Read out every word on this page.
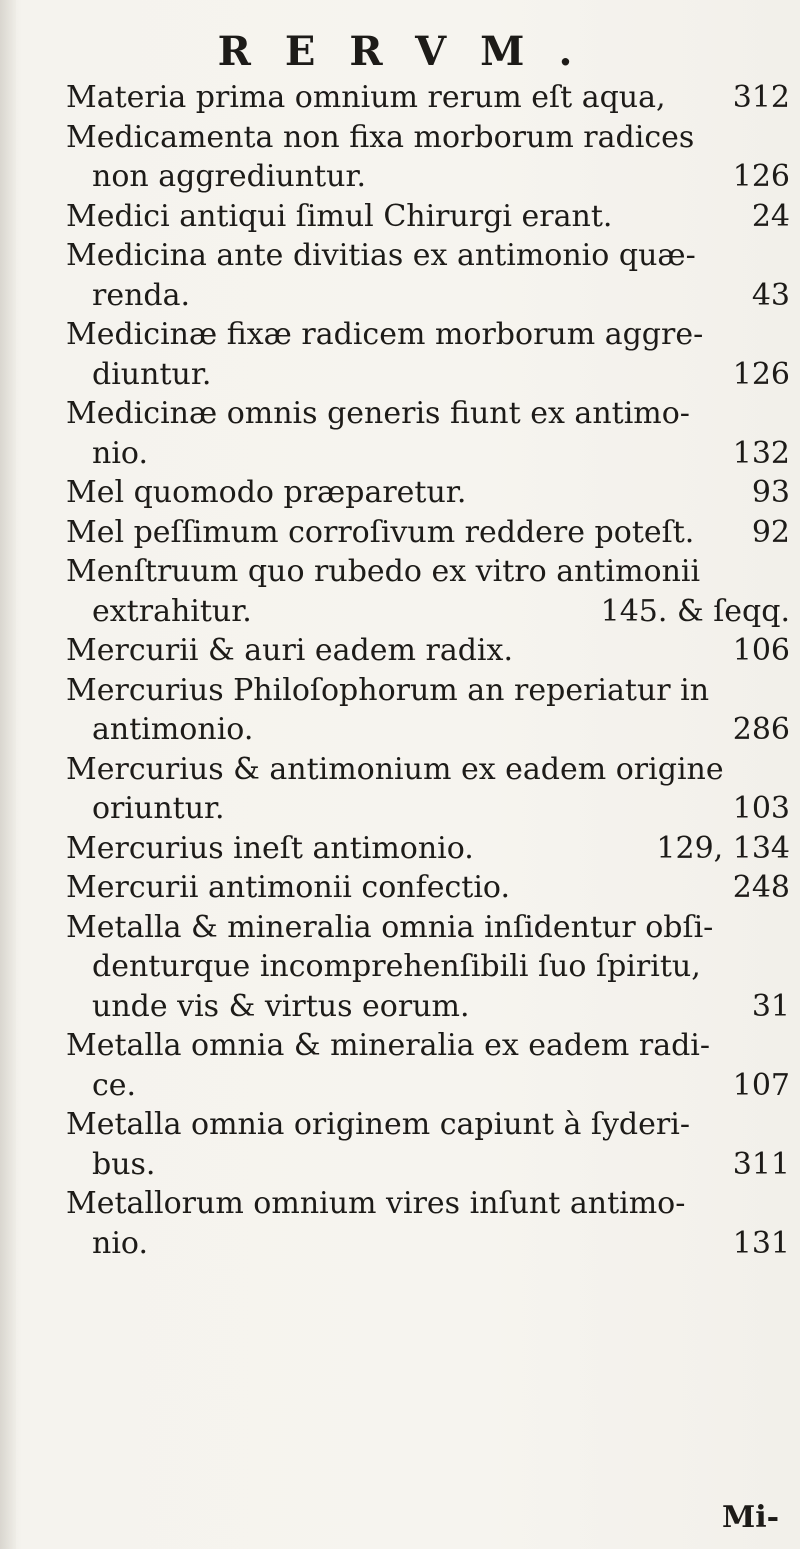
RERVM.
Materia prima omnium rerum eſt aqua, 312
Medicamenta non fixa morborum radices
non aggrediuntur.	126
Medici antiqui ſimul Chirurgi erant.	24
Medicina ante divitias ex antimonio quæ-
renda.	43
Medicinæ fixæ radicem morborum aggre-
diuntur.	126
Medicinæ omnis generis fiunt ex antimo-
nio.	132
Mel quomodo præparetur.	93
Mel peſſimum corroſivum reddere poteſt. 92
Menſtruum quo rubedo ex vitro antimonii
extrahitur.	145. & ſeqq.
Mercurii & auri eadem radix.	106
Mercurius Philoſophorum an reperiatur in
antimonio.	286
Mercurius & antimonium ex eadem origine
oriuntur.	103
Mercurius ineſt antimonio.	129, 134
Mercurii antimonii confectio.	248
Metalla & mineralia omnia inſidentur obſi-
denturque incomprehenſibili ſuo ſpiritu,
unde vis & virtus eorum.	31
Metalla omnia & mineralia ex eadem radi-
ce.	107
Metalla omnia originem capiunt à ſyderi-
bus.	311
Metallorum omnium vires inſunt antimo-
nio.	131
Mi-
